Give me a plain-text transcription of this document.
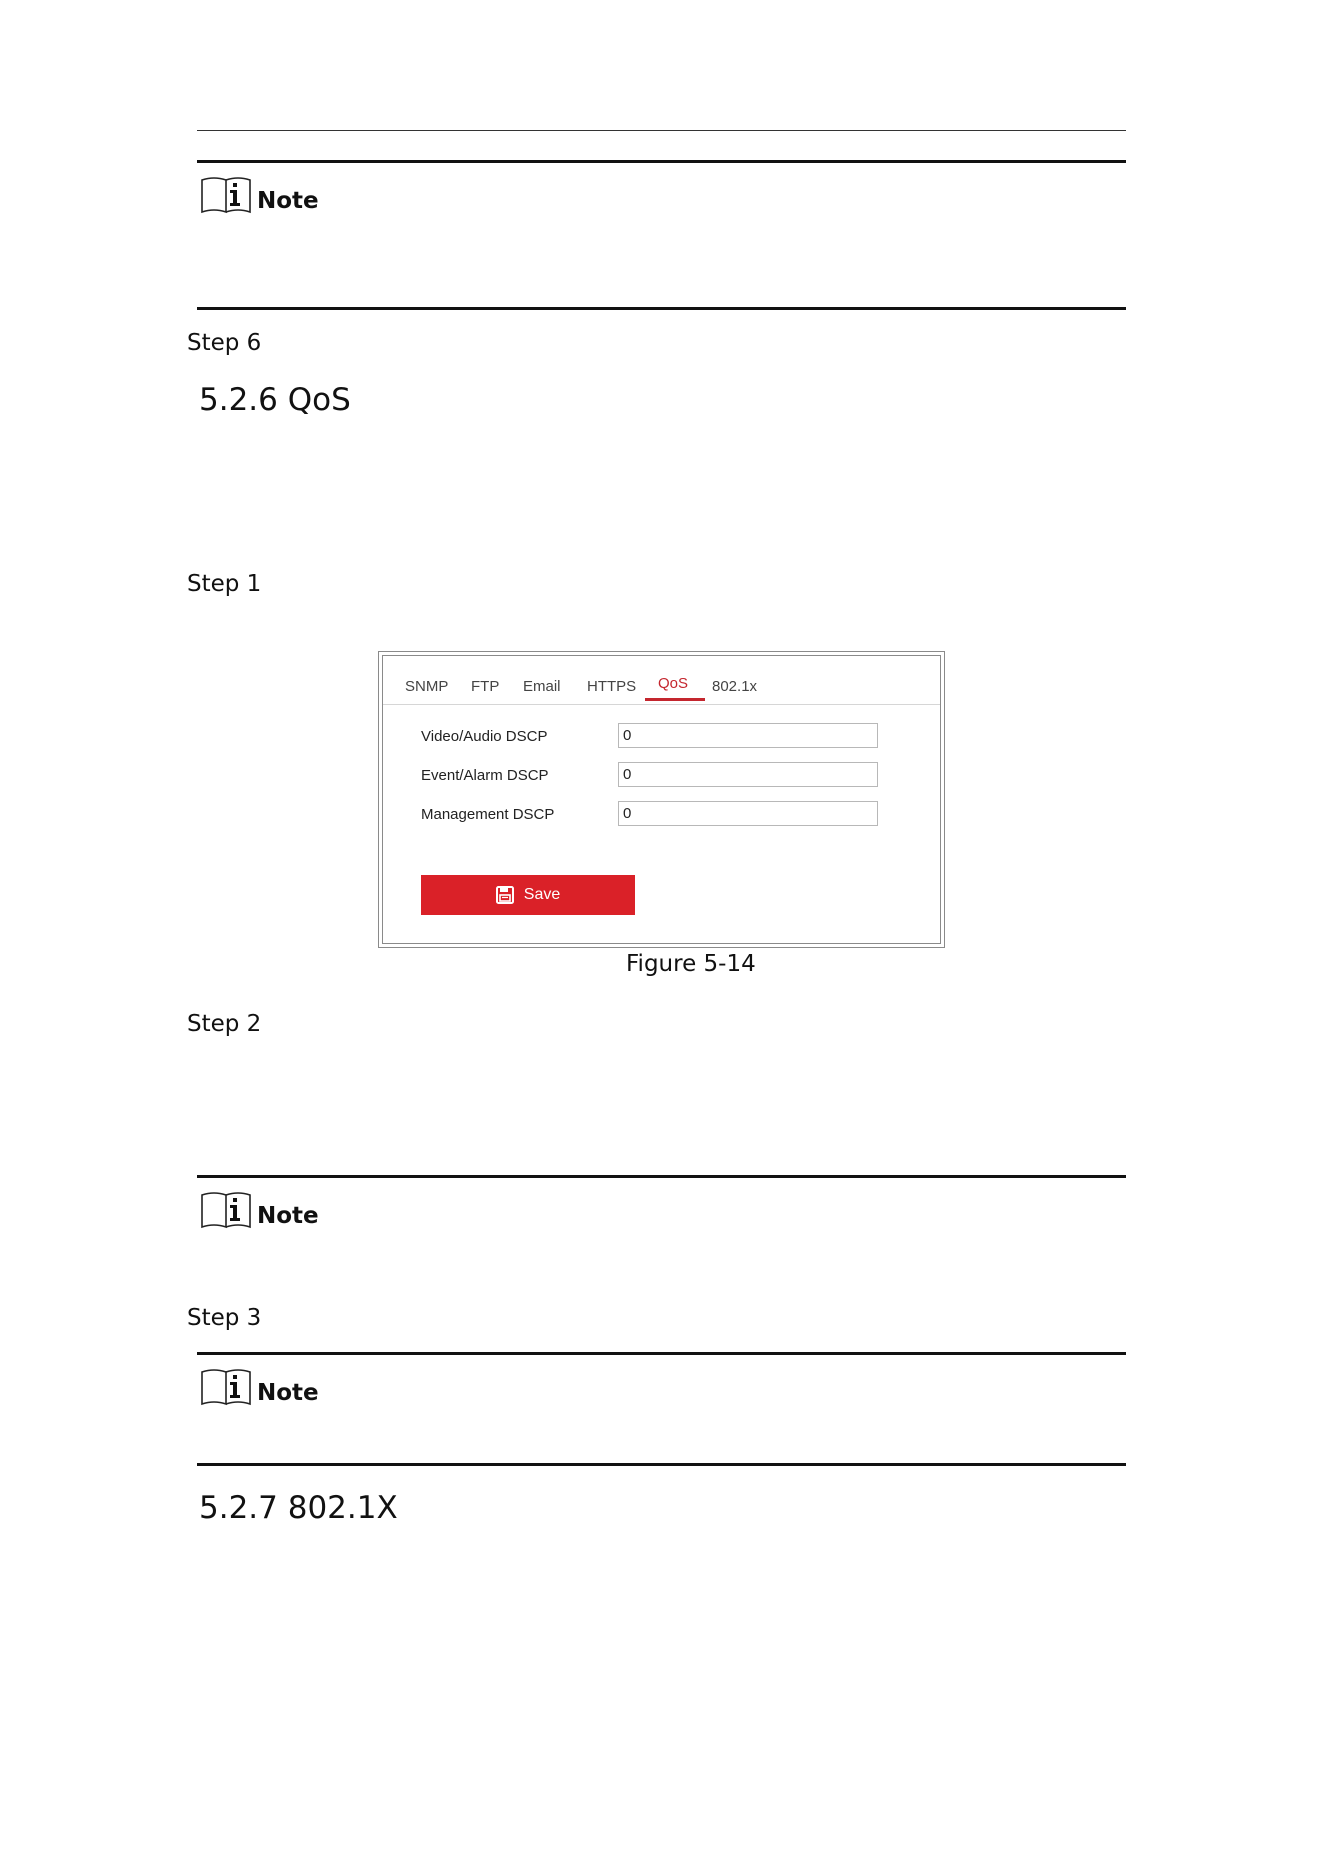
Note
Step 6
5.2.6 QoS
Step 1
SNMP FTP Email HTTPS QoS 802.1x
Video/Audio DSCP
0
Event/Alarm DSCP
0
Management DSCP
0
Save
Figure 5-14
Step 2
Note
Step 3
Note
5.2.7 802.1X
